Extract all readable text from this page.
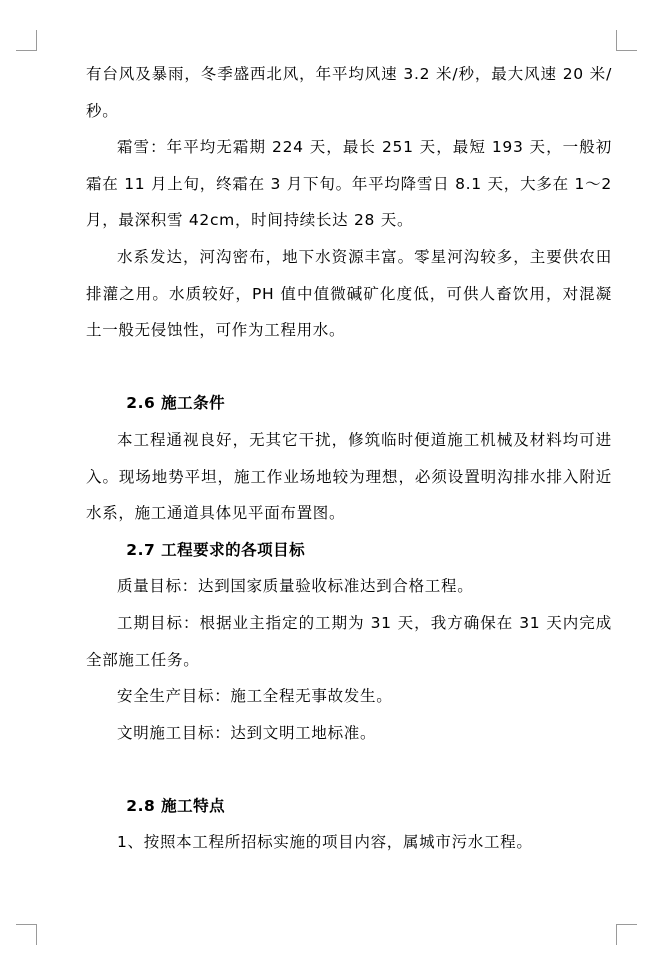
有台风及暴雨，冬季盛西北风，年平均风速 3.2 米/秒，最大风速 20 米/秒。

霜雪：年平均无霜期 224 天，最长 251 天，最短 193 天，一般初霜在 11 月上旬，终霜在 3 月下旬。年平均降雪日 8.1 天，大多在 1～2 月，最深积雪 42cm，时间持续长达 28 天。

水系发达，河沟密布，地下水资源丰富。零星河沟较多，主要供农田排灌之用。水质较好，PH 值中值微碱矿化度低，可供人畜饮用，对混凝土一般无侵蚀性，可作为工程用水。

2.6 施工条件

本工程通视良好，无其它干扰，修筑临时便道施工机械及材料均可进入。现场地势平坦，施工作业场地较为理想，必须设置明沟排水排入附近水系，施工通道具体见平面布置图。

2.7 工程要求的各项目标

质量目标：达到国家质量验收标准达到合格工程。

工期目标：根据业主指定的工期为 31 天，我方确保在 31 天内完成全部施工任务。

安全生产目标：施工全程无事故发生。

文明施工目标：达到文明工地标准。

2.8 施工特点

1、按照本工程所招标实施的项目内容，属城市污水工程。
